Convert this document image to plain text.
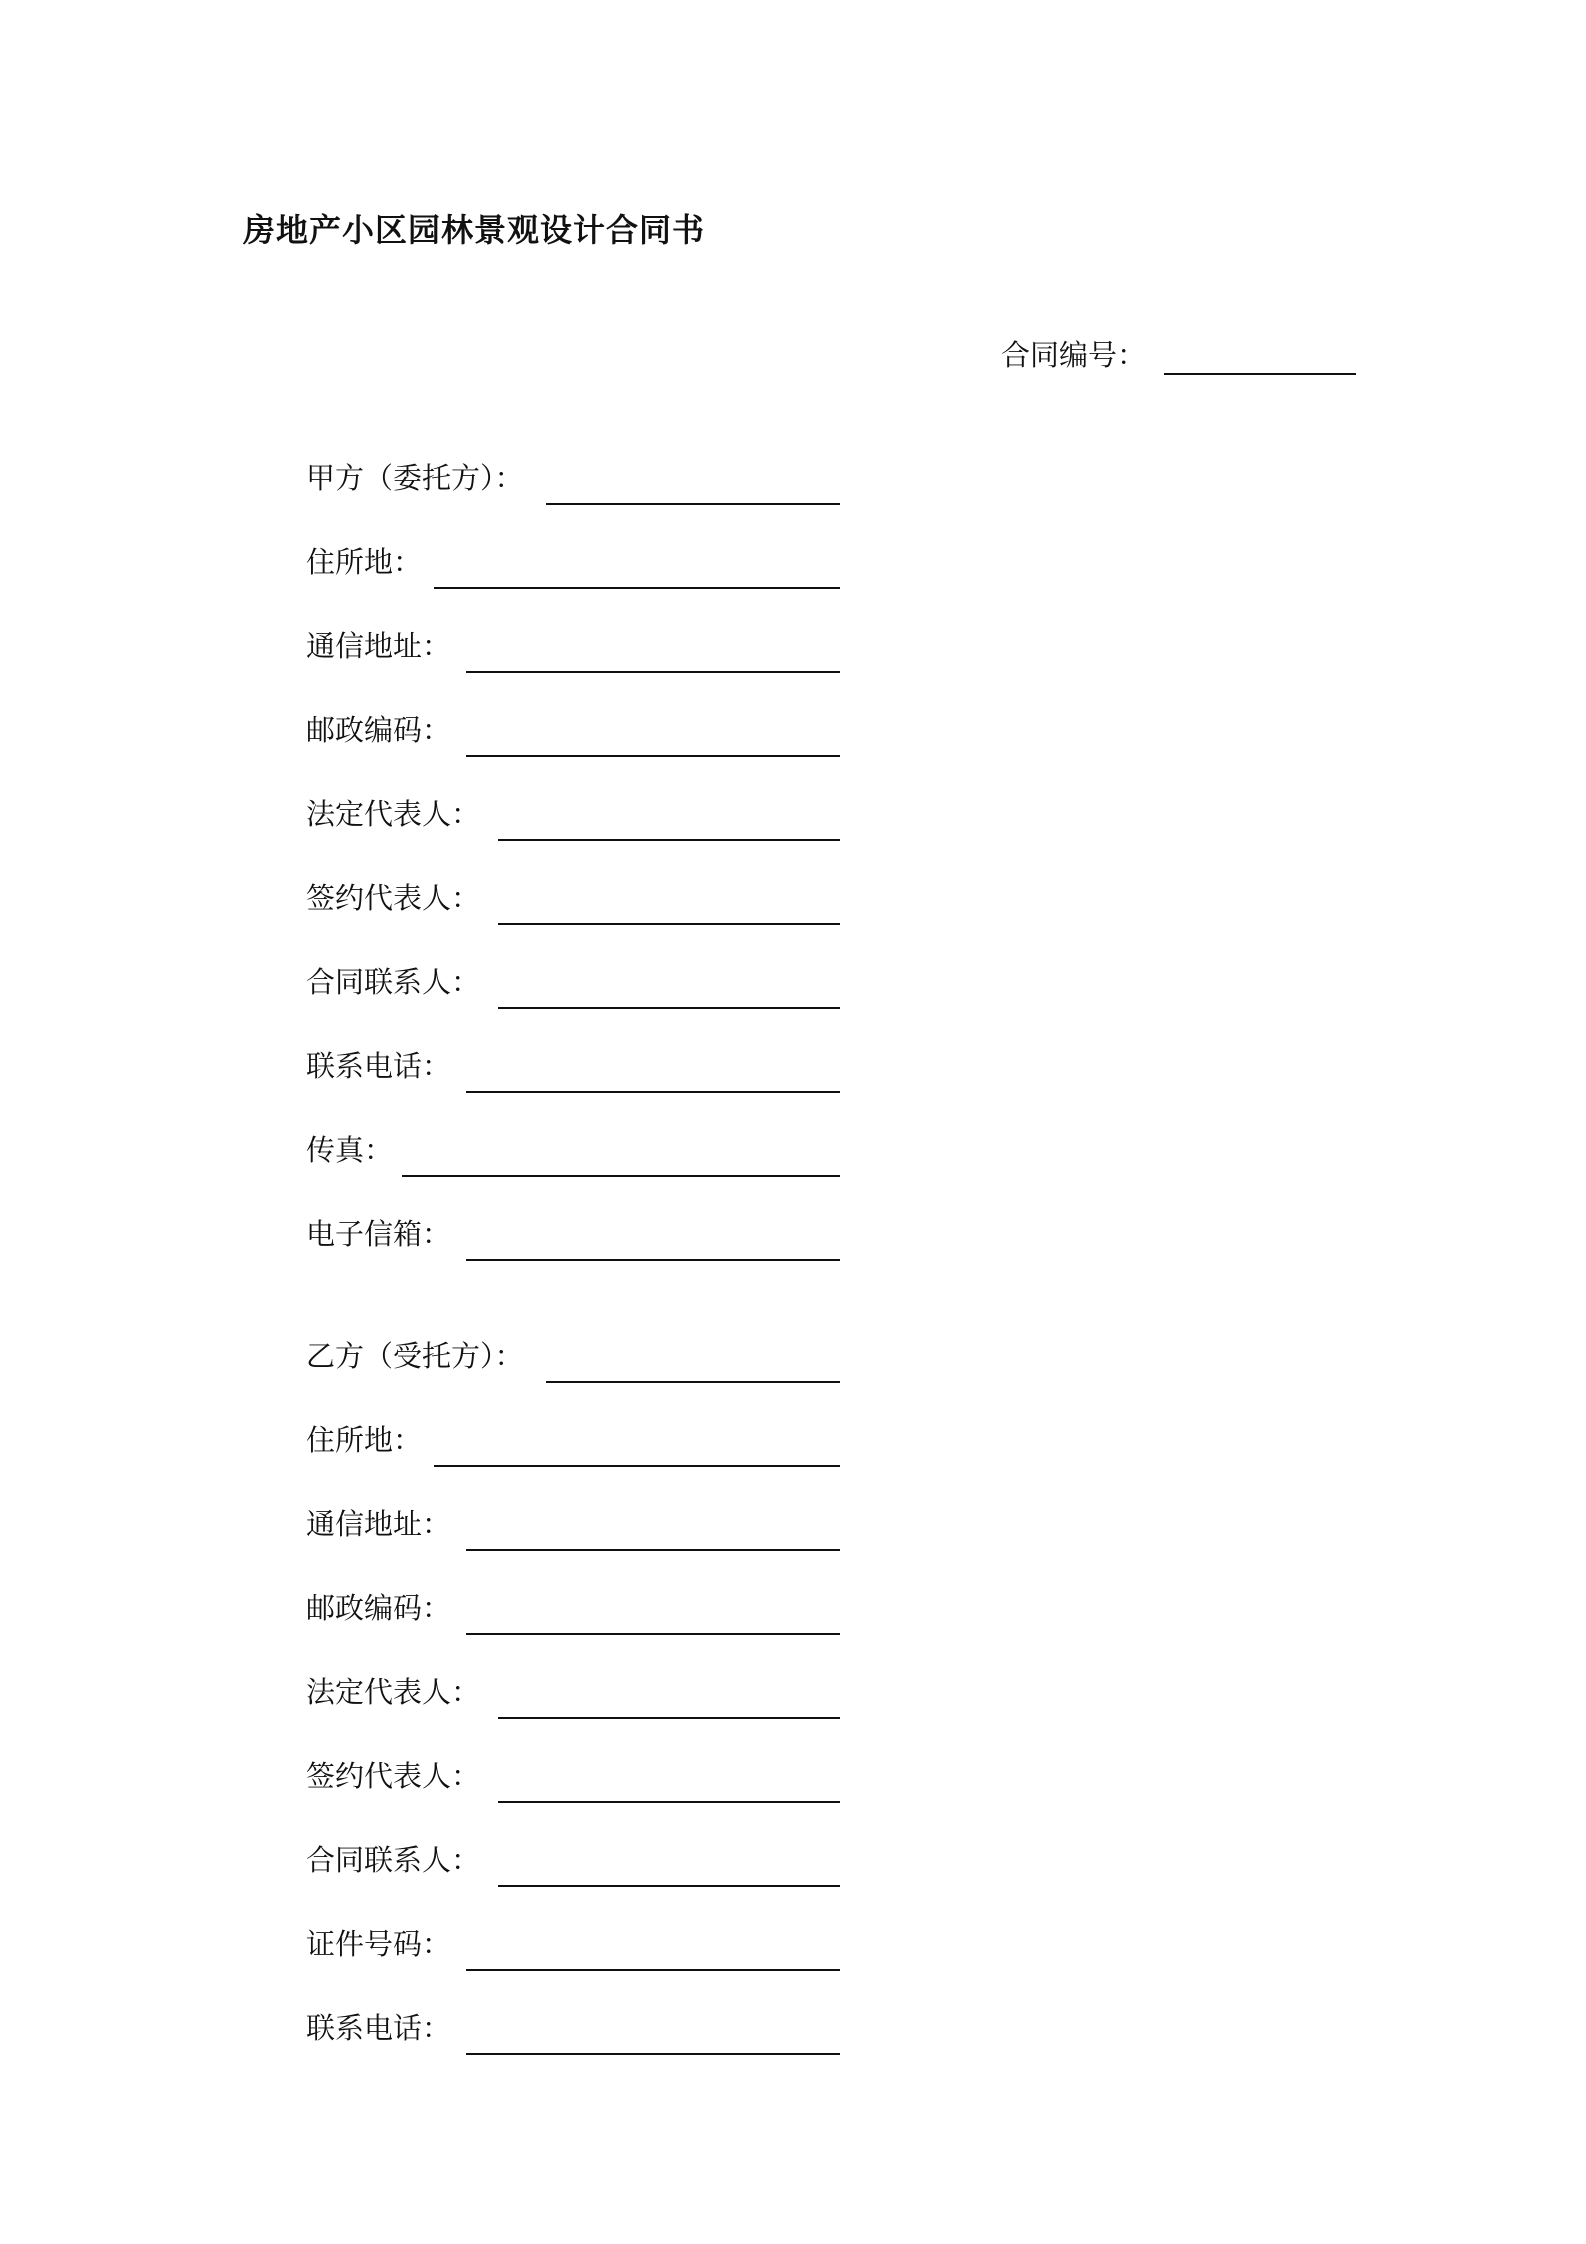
房地产小区园林景观设计合同书
合同编号：
甲方（委托方）：
住所地：
通信地址：
邮政编码：
法定代表人：
签约代表人：
合同联系人：
联系电话：
传真：
电子信箱：
乙方（受托方）：
住所地：
通信地址：
邮政编码：
法定代表人：
签约代表人：
合同联系人：
证件号码：
联系电话：
